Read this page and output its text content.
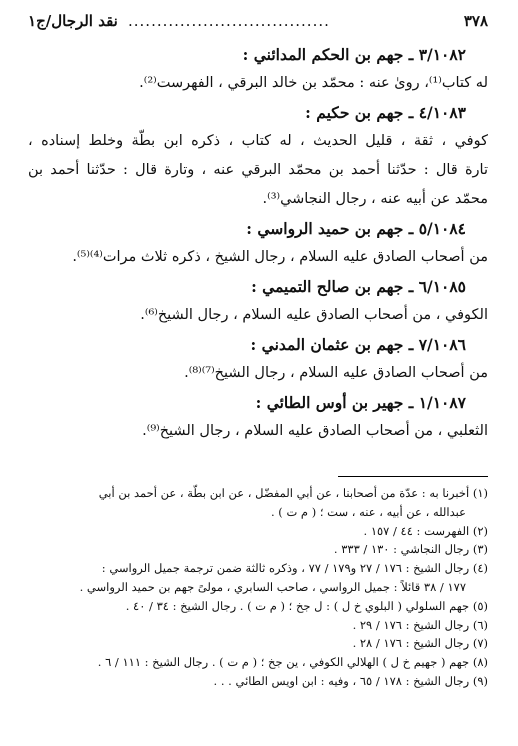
٣٧٨
...................................
نقد الرجال/ج١
٣/١٠٨٢ ـ جهم بن الحكم المدائني :
له كتاب⁽¹⁾، روىٰ عنه : محمّد بن خالد البرقي ، الفهرست⁽²⁾.
٤/١٠٨٣ ـ جهم بن حكيم :
كوفي ، ثقة ، قليل الحديث ، له كتاب ، ذكره ابن بطّة وخلط إسناده ،
تارة قال : حدّثنا أحمد بن محمّد البرقي عنه ، وتارة قال : حدّثنا أحمد بن
محمّد عن أبيه عنه ، رجال النجاشي⁽³⁾.
٥/١٠٨٤ ـ جهم بن حميد الرواسي :
من أصحاب الصادق عليه السلام ، رجال الشيخ ، ذكره ثلاث مرات⁽⁴⁾⁽⁵⁾.
٦/١٠٨٥ ـ جهم بن صالح التميمي :
الكوفي ، من أصحاب الصادق عليه السلام ، رجال الشيخ⁽⁶⁾.
٧/١٠٨٦ ـ جهم بن عثمان المدني :
من أصحاب الصادق عليه السلام ، رجال الشيخ⁽⁷⁾⁽⁸⁾.
١/١٠٨٧ ـ جهير بن أوس الطائي :
الثعلبي ، من أصحاب الصادق عليه السلام ، رجال الشيخ⁽⁹⁾.
(١) أخبرنا به : عدّة من أصحابنا ، عن أبي المفضّل ، عن ابن بطّة ، عن أحمد بن أبي
عبدالله ، عن أبيه ، عنه ، ست ؛ ( م ت ) .
(٢) الفهرست : ٤٤ / ١٥٧ .
(٣) رجال النجاشي : ١٣٠ / ٣٣٣ .
(٤) رجال الشيخ : ١٧٦ / ٢٧ و١٧٩ / ٧٧ ، وذكره ثالثة ضمن ترجمة جميل الرواسي :
١٧٧ / ٣٨ قائلاً : جميل الرواسي ، صاحب السابري ، مولىً جهم بن حميد الرواسي .
(٥) جهم السلولي ( البلوي خ ل ) : ل جخ ؛ ( م ت ) . رجال الشيخ : ٣٤ / ٤٠ .
(٦) رجال الشيخ : ١٧٦ / ٢٩ .
(٧) رجال الشيخ : ١٧٦ / ٢٨ .
(٨) جهم ( جهيم خ ل ) الهلالي الكوفي ، ين جخ ؛ ( م ت ) . رجال الشيخ : ١١١ / ٦ .
(٩) رجال الشيخ : ١٧٨ / ٦٥ ، وفيه : ابن اويس الطائي . . .
